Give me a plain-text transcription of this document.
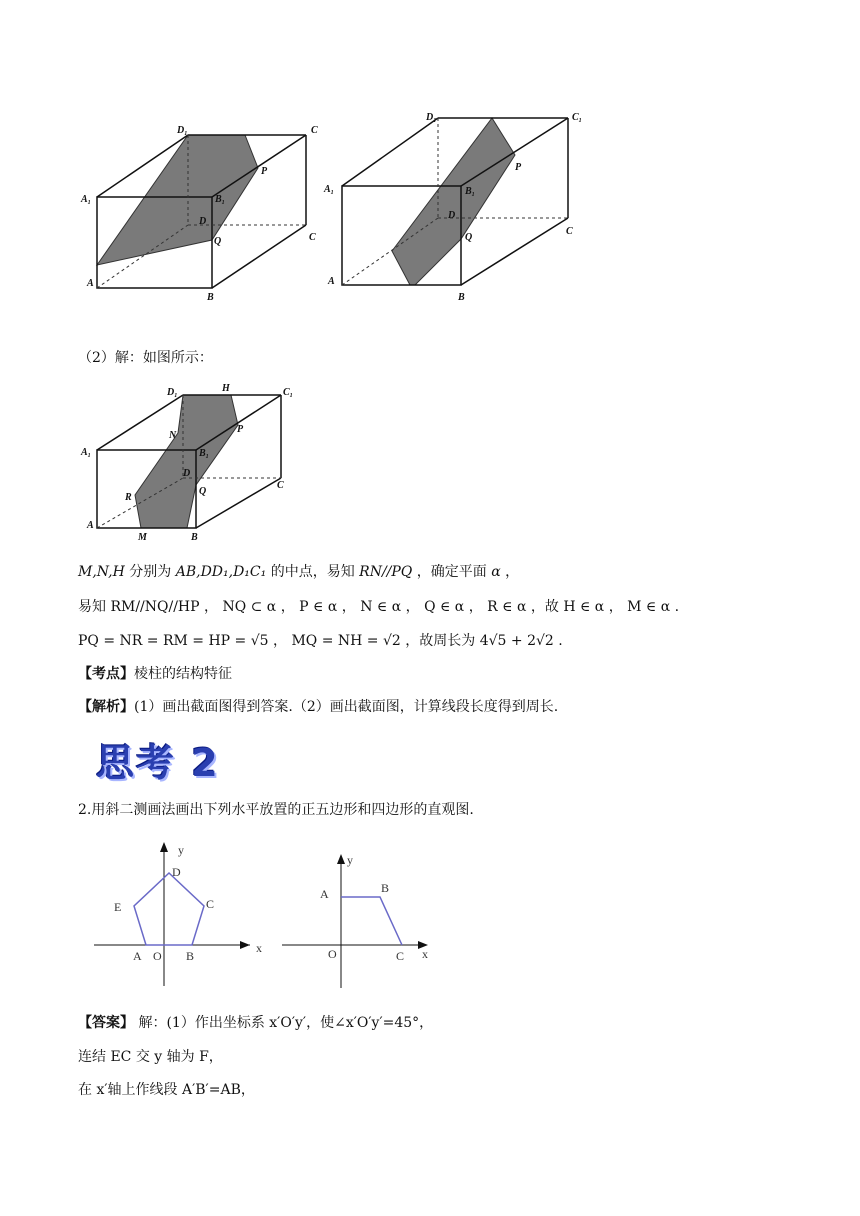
$D_1$	C
$A_1$	$B_1$
P
D
Q	C
A
B
$D_1$	$C_1$
$A_1$	$B_1$
P
D
Q
C
A
B
（2）解：如图所示：
$D_1$
H	$C_1$
N
P
$A_1$	$B_1$
D
Q
C
R
A
M	B
M,N,H 分别为 AB,DD₁,D₁C₁ 的中点，易知 RN//PQ ，确定平面 α ，
易知 RM//NQ//HP ， NQ ⊂ α ， P ∈ α ， N ∈ α ， Q ∈ α ， R ∈ α ，故 H ∈ α ， M ∈ α .
PQ = NR = RM = HP = √5 ， MQ = NH = √2 ，故周长为 4√5 + 2√2 .
【考点】棱柱的结构特征
【解析】(1）画出截面图得到答案.（2）画出截面图，计算线段长度得到周长.
思考 2
2.用斜二测画法画出下列水平放置的正五边形和四边形的直观图.
x
y
A O B
C
D
E
x
y
A	B
O	C
【答案】 解：(1）作出坐标系 x′O′y′，使∠x′O′y′=45°，
连结 EC 交 y 轴为 F，
在 x′轴上作线段 A′B′=AB，
